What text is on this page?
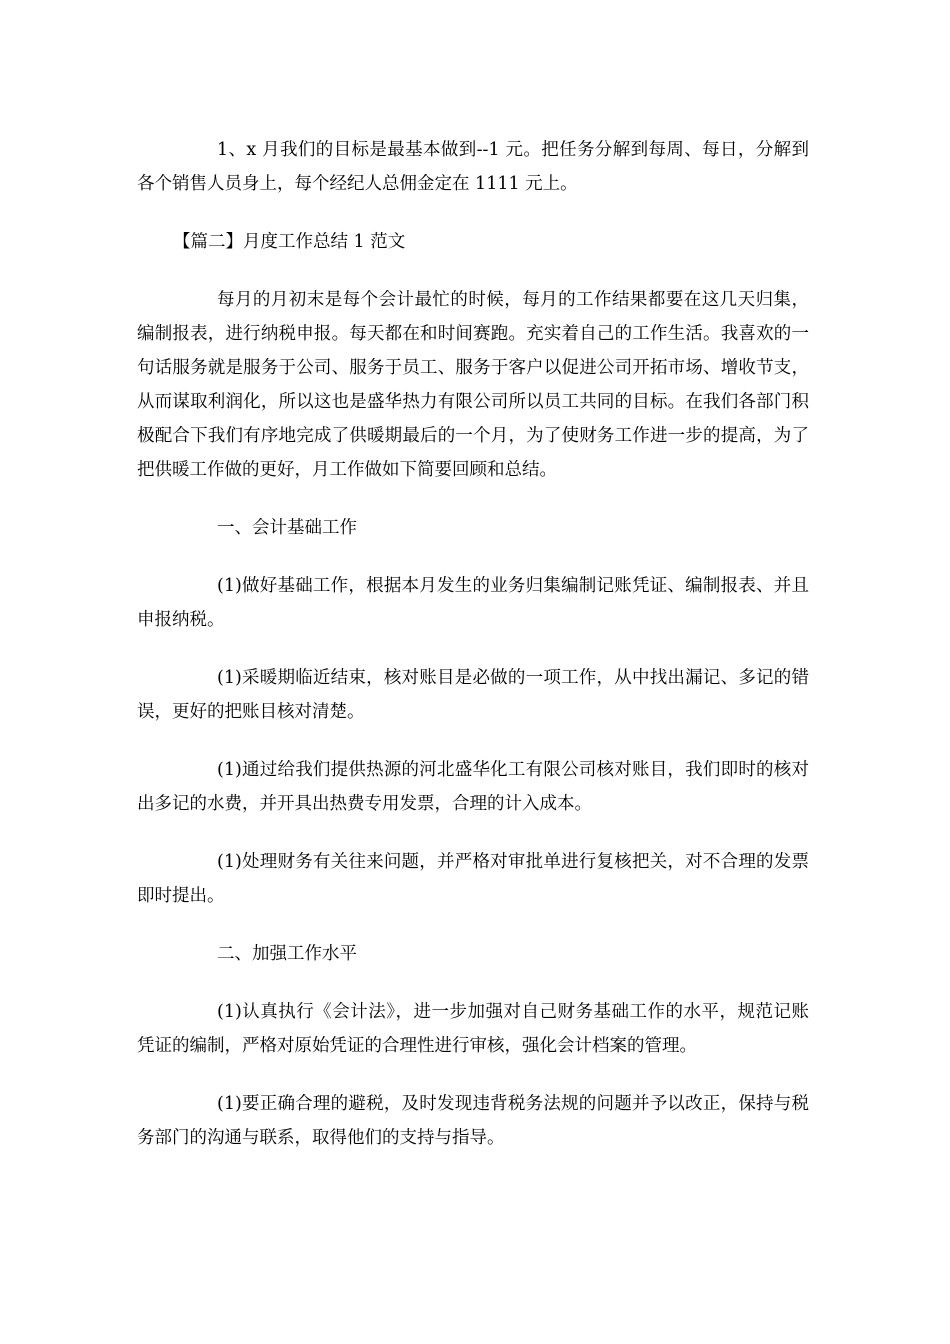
1、x 月我们的目标是最基本做到--1 元。把任务分解到每周、每日，分解到各个销售人员身上，每个经纪人总佣金定在 1111 元上。

【篇二】月度工作总结 1 范文

每月的月初末是每个会计最忙的时候，每月的工作结果都要在这几天归集，编制报表，进行纳税申报。每天都在和时间赛跑。充实着自己的工作生活。我喜欢的一句话服务就是服务于公司、服务于员工、服务于客户以促进公司开拓市场、增收节支，从而谋取利润化，所以这也是盛华热力有限公司所以员工共同的目标。在我们各部门积极配合下我们有序地完成了供暖期最后的一个月，为了使财务工作进一步的提高，为了把供暖工作做的更好，月工作做如下简要回顾和总结。

一、会计基础工作

(1)做好基础工作，根据本月发生的业务归集编制记账凭证、编制报表、并且申报纳税。

(1)采暖期临近结束，核对账目是必做的一项工作，从中找出漏记、多记的错误，更好的把账目核对清楚。

(1)通过给我们提供热源的河北盛华化工有限公司核对账目，我们即时的核对出多记的水费，并开具出热费专用发票，合理的计入成本。

(1)处理财务有关往来问题，并严格对审批单进行复核把关，对不合理的发票即时提出。

二、加强工作水平

(1)认真执行《会计法》，进一步加强对自己财务基础工作的水平，规范记账凭证的编制，严格对原始凭证的合理性进行审核，强化会计档案的管理。

(1)要正确合理的避税，及时发现违背税务法规的问题并予以改正，保持与税务部门的沟通与联系，取得他们的支持与指导。
